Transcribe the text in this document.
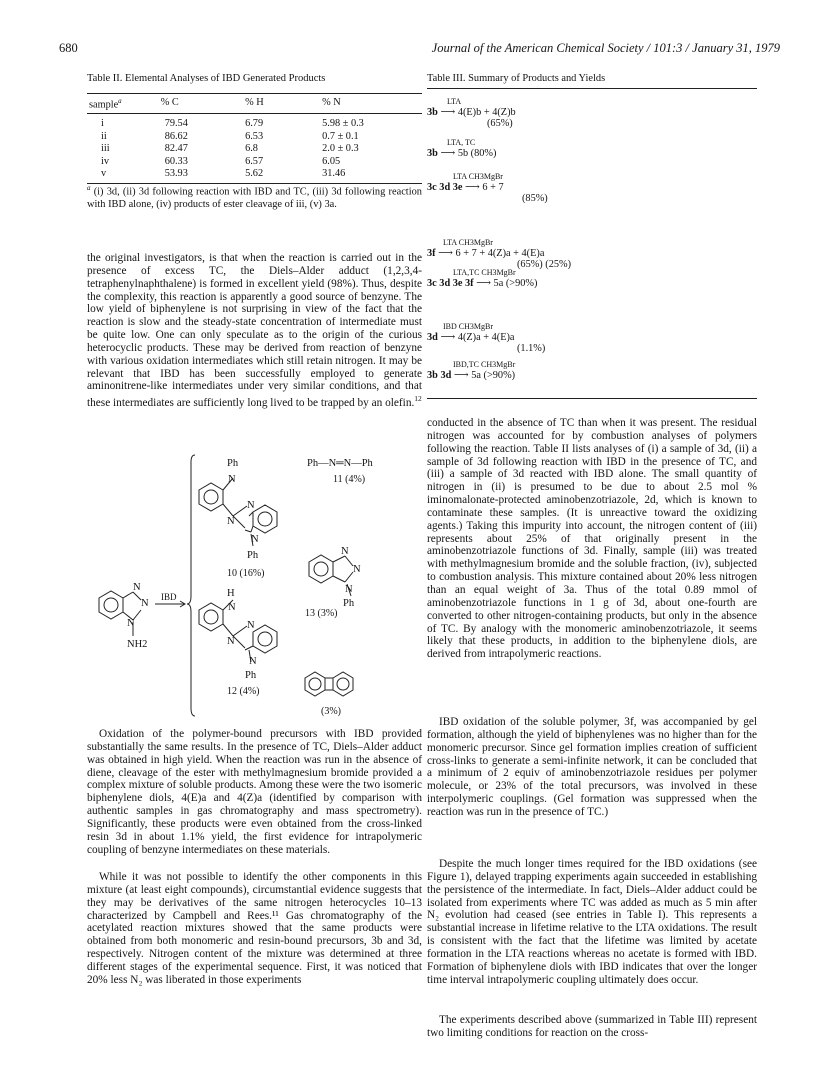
680	Journal of the American Chemical Society / 101:3 / January 31, 1979
Table II. Elemental Analyses of IBD Generated Products
sample$^a$	% C	% H	% N
i	79.54	6.79	5.98 ± 0.3
ii	86.62	6.53	0.7 ± 0.1
iii	82.47	6.8	2.0 ± 0.3
iv	60.33	6.57	6.05
v	53.93	5.62	31.46
$^a$ (i) 3d, (ii) 3d following reaction with IBD and TC, (iii) 3d following reaction with IBD alone, (iv) products of ester cleavage of iii, (v) 3a.

the original investigators, is that when the reaction is carried out in the presence of excess TC, the Diels–Alder adduct (1,2,3,4-tetraphenylnaphthalene) is formed in excellent yield (98%). Thus, despite the complexity, this reaction is apparently a good source of benzyne. The low yield of biphenylene is not surprising in view of the fact that the reaction is slow and the steady-state concentration of intermediate must be quite low. One can only speculate as to the origin of the curious heterocyclic products. These may be derived from reaction of benzyne with various oxidation intermediates which still retain nitrogen. It may be relevant that IBD has been successfully employed to generate aminonitrene-like intermediates under very similar conditions, and that these intermediates are sufficiently long lived to be trapped by an olefin.$^{12}$

N
N
N
NH2
IBD
Ph
N
N
N
N
Ph
10 (16%)
Ph—N═N—Ph
11 (4%)
H
N
N
N
N
Ph
12 (4%)
N
N
N
Ph
13 (3%)
(3%)

Oxidation of the polymer-bound precursors with IBD provided substantially the same results. In the presence of TC, Diels–Alder adduct was obtained in high yield. When the reaction was run in the absence of diene, cleavage of the ester with methylmagnesium bromide provided a complex mixture of soluble products. Among these were the two isomeric biphenylene diols, 4(E)a and 4(Z)a (identified by comparison with authentic samples in gas chromatography and mass spectrometry). Significantly, these products were even obtained from the cross-linked resin 3d in about 1.1% yield, the first evidence for intrapolymeric coupling of benzyne intermediates on these materials.

While it was not possible to identify the other components in this mixture (at least eight compounds), circumstantial evidence suggests that they may be derivatives of the same nitrogen heterocycles 10–13 characterized by Campbell and Rees.¹¹ Gas chromatography of the acetylated reaction mixtures showed that the same products were obtained from both monomeric and resin-bound precursors, 3b and 3d, respectively. Nitrogen content of the mixture was determined at three different stages of the experimental sequence. First, it was noticed that 20% less N₂ was liberated in those experiments

Table III. Summary of Products and Yields
LTA
3b ⟶ 4(E)b + 4(Z)b
(65%)
LTA, TC
3b ⟶ 5b (80%)
LTA CH3MgBr
3c 3d 3e ⟶ 6 + 7
(85%)
LTA CH3MgBr
3f ⟶ 6 + 7 + 4(Z)a + 4(E)a
(65%) (25%)
LTA,TC CH3MgBr
3c 3d 3e 3f ⟶ 5a (>90%)
IBD CH3MgBr
3d ⟶ 4(Z)a + 4(E)a
(1.1%)
IBD,TC CH3MgBr
3b 3d ⟶ 5a (>90%)

conducted in the absence of TC than when it was present. The residual nitrogen was accounted for by combustion analyses of polymers following the reaction. Table II lists analyses of (i) a sample of 3d, (ii) a sample of 3d following reaction with IBD in the presence of TC, and (iii) a sample of 3d reacted with IBD alone. The small quantity of nitrogen in (ii) is presumed to be due to about 2.5 mol % iminomalonate-protected aminobenzotriazole, 2d, which is known to contaminate these samples. (It is unreactive toward the oxidizing agents.) Taking this impurity into account, the nitrogen content of (iii) represents about 25% of that originally present in the aminobenzotriazole functions of 3d. Finally, sample (iii) was treated with methylmagnesium bromide and the soluble fraction, (iv), subjected to combustion analysis. This mixture contained about 20% less nitrogen than an equal weight of 3a. Thus of the total 0.89 mmol of aminobenzotriazole functions in 1 g of 3d, about one-fourth are converted to other nitrogen-containing products, but only in the absence of TC. By analogy with the monomeric aminobenzotriazole, it seems likely that these products, in addition to the biphenylene diols, are derived from intrapolymeric reactions.

IBD oxidation of the soluble polymer, 3f, was accompanied by gel formation, although the yield of biphenylenes was no higher than for the monomeric precursor. Since gel formation implies creation of sufficient cross-links to generate a semi-infinite network, it can be concluded that a minimum of 2 equiv of aminobenzotriazole residues per polymer molecule, or 23% of the total precursors, was involved in these interpolymeric couplings. (Gel formation was suppressed when the reaction was run in the presence of TC.)

Despite the much longer times required for the IBD oxidations (see Figure 1), delayed trapping experiments again succeeded in establishing the persistence of the intermediate. In fact, Diels–Alder adduct could be isolated from experiments where TC was added as much as 5 min after N₂ evolution had ceased (see entries in Table I). This represents a substantial increase in lifetime relative to the LTA oxidations. The result is consistent with the fact that the lifetime was limited by acetate formation in the LTA reactions whereas no acetate is formed with IBD. Formation of biphenylene diols with IBD indicates that over the longer time interval intrapolymeric coupling ultimately does occur.

The experiments described above (summarized in Table III) represent two limiting conditions for reaction on the cross-
